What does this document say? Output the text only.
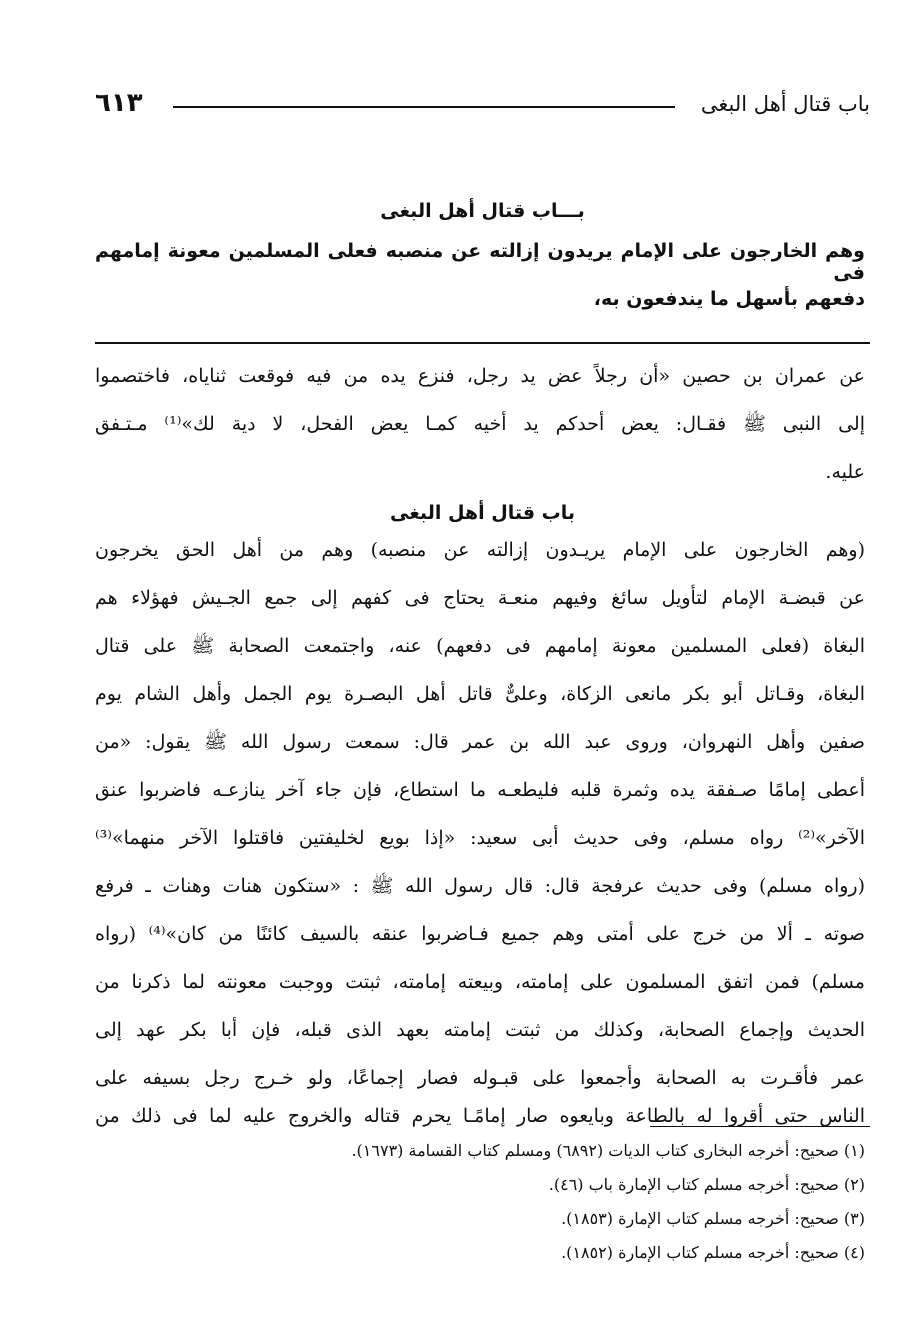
٦١٣	باب قتال أهل البغى
بـــاب قتال أهل البغى
وهم الخارجون على الإمام يريدون إزالته عن منصبه فعلى المسلمين معونة إمامهم فى
دفعهم بأسهل ما يندفعون به،
عن عمران بن حصين «أن رجلاً عض يد رجل، فنزع يده من فيه فوقعت ثناياه، فاختصموا
إلى النبى ﷺ فقـال: يعض أحدكم يد أخيه كمـا يعض الفحل، لا دية لك»⁽¹⁾ مـتـفق
عليه.
باب قتال أهل البغى
(وهم الخارجون على الإمام يريـدون إزالته عن منصبه) وهم من أهل الحق يخرجون
عن قبضـة الإمام لتأويل سائغ وفيهم منعـة يحتاج فى كفهم إلى جمع الجـيش فهؤلاء هم
البغاة (فعلى المسلمين معونة إمامهم فى دفعهم) عنه، واجتمعت الصحابة ﷺ على قتال
البغاة، وقـاتل أبو بكر مانعى الزكاة، وعلىٌّ قاتل أهل البصـرة يوم الجمل وأهل الشام يوم
صفين وأهل النهروان، وروى عبد الله بن عمر قال: سمعت رسول الله ﷺ يقول: «من
أعطى إمامًا صـفقة يده وثمرة قلبه فليطعـه ما استطاع، فإن جاء آخر ينازعـه فاضربوا عنق
الآخر»⁽²⁾ رواه مسلم، وفى حديث أبى سعيد: «إذا بويع لخليفتين فاقتلوا الآخر منهما»⁽³⁾
(رواه مسلم) وفى حديث عرفجة قال: قال رسول الله ﷺ : «ستكون هنات وهنات ـ فرفع
صوته ـ ألا من خرج على أمتى وهم جميع فـاضربوا عنقه بالسيف كائنًا من كان»⁽⁴⁾ (رواه
مسلم) فمن اتفق المسلمون على إمامته، وبيعته إمامته، ثبتت ووجبت معونته لما ذكرنا من
الحديث وإجماع الصحابة، وكذلك من ثبتت إمامته بعهد الذى قبله، فإن أبا بكر عهد إلى
عمر فأقـرت به الصحابة وأجمعوا على قبـوله فصار إجماعًا، ولو خـرج رجل بسيفه على
الناس حتى أقروا له بالطاعة وبايعوه صار إمامًـا يحرم قتاله والخروج عليه لما فى ذلك من
(١) صحيح: أخرجه البخارى كتاب الديات (٦٨٩٢) ومسلم كتاب القسامة (١٦٧٣).
(٢) صحيح: أخرجه مسلم كتاب الإمارة باب (٤٦).
(٣) صحيح: أخرجه مسلم كتاب الإمارة (١٨٥٣).
(٤) صحيح: أخرجه مسلم كتاب الإمارة (١٨٥٢).
